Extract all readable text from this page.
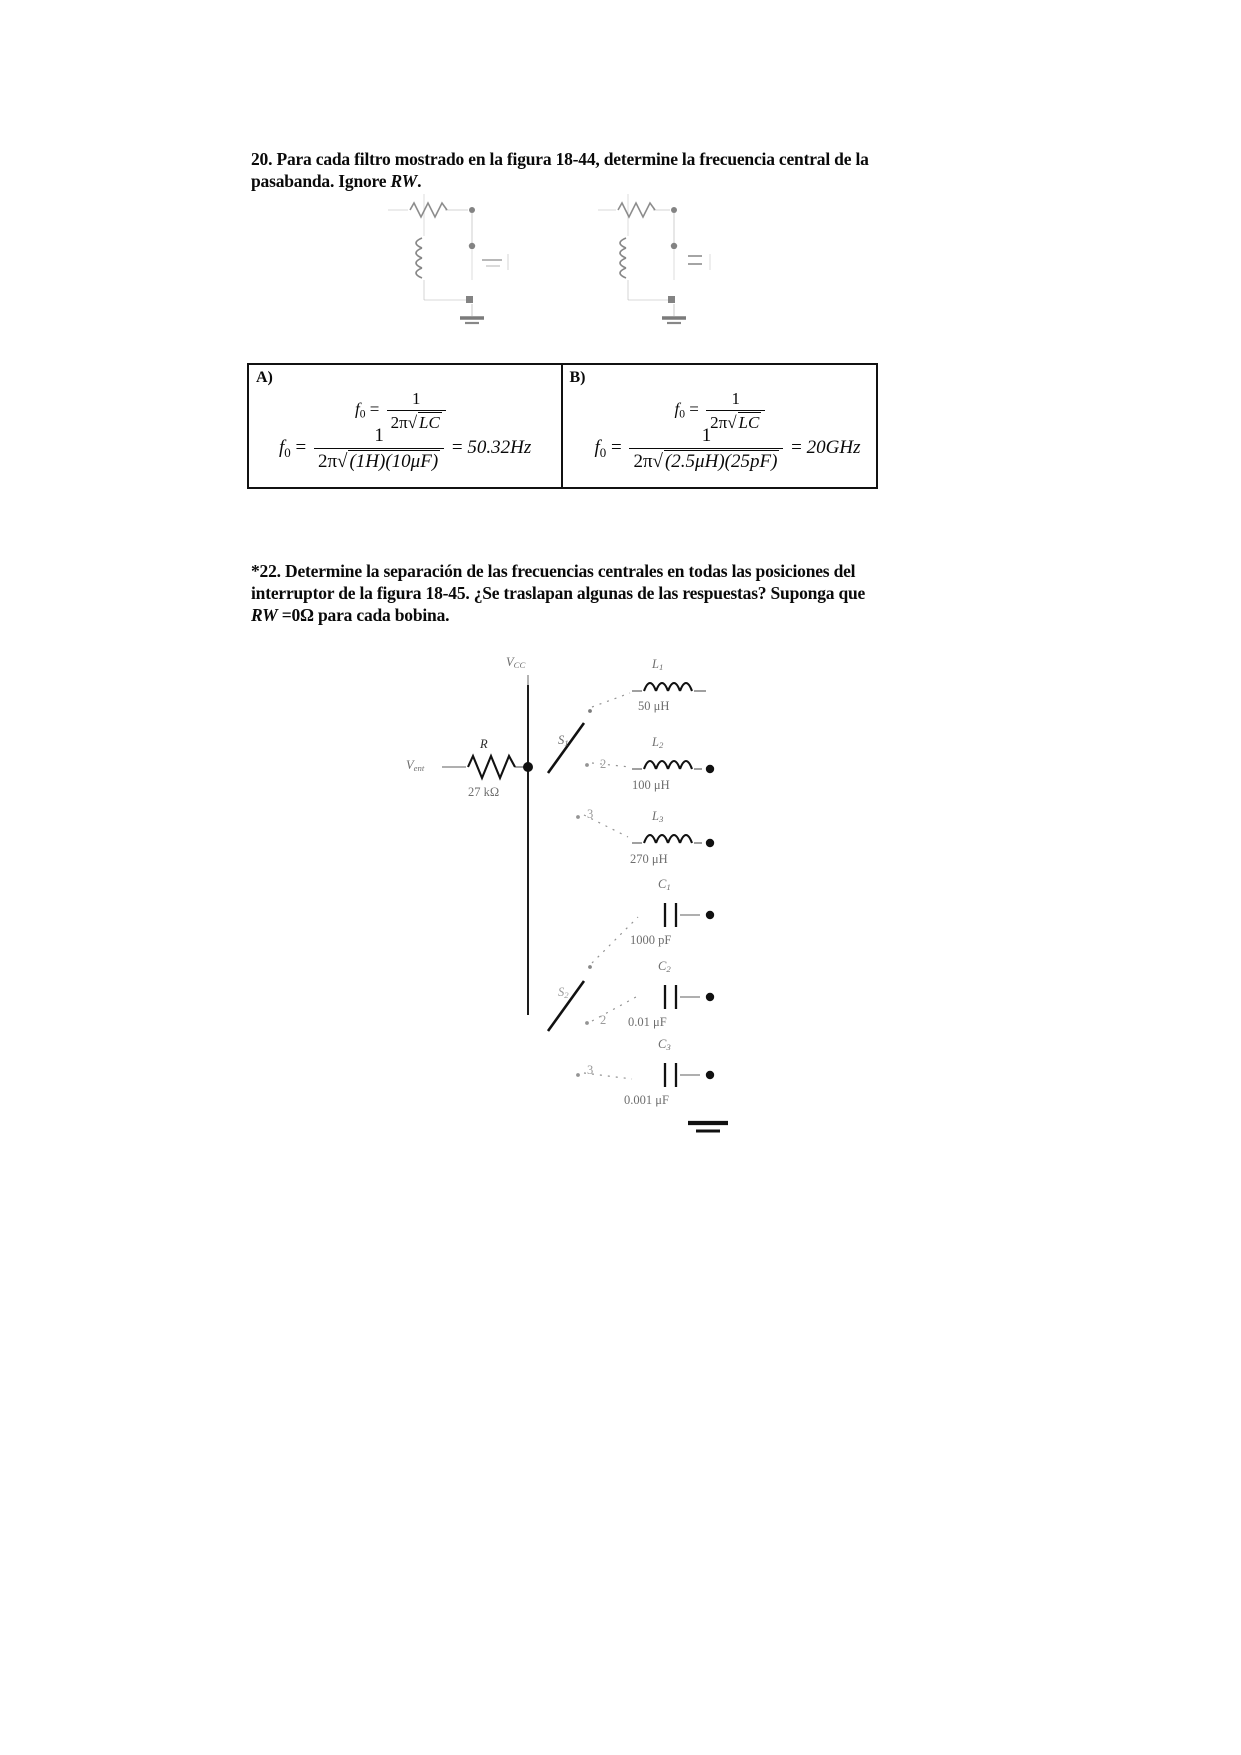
20. Para cada filtro mostrado en la figura 18-44, determine la frecuencia central de la pasabanda. Ignore RW.
A)
$f_0 = \frac{1}{2\pi√ LC}$
$f_0 = \frac{1}{2\pi√ (1H)(10\mu F)} = 50.32Hz$
B)
$f_0 = \frac{1}{2\pi√ LC}$
$f_0 = \frac{1}{2\pi√ (2.5\mu H)(25pF)} = 20GHz$
*22. Determine la separación de las frecuencias centrales en todas las posiciones del interruptor de la figura 18-45. ¿Se traslapan algunas de las respuestas? Suponga que RW =0Ω para cada bobina.
VCC
Vent
R
27 kΩ
S1
S2
2
3
2
3
L1
50 μH
L2
100 μH
L3
270 μH
C1
1000 pF
C2
0.01 μF
C3
0.001 μF
